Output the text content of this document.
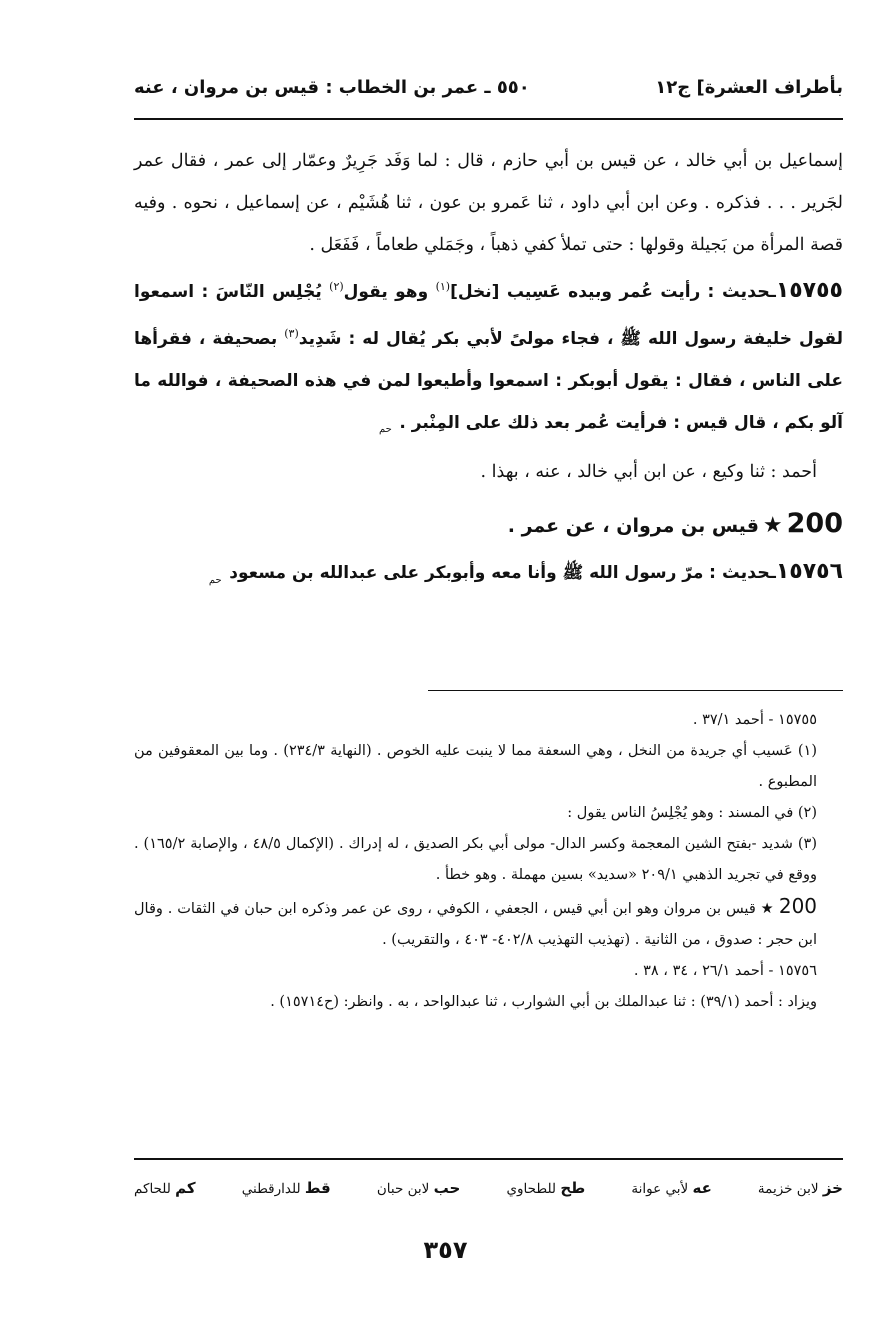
بأطراف العشرة] ج١٢
٥٥٠ ـ عمر بن الخطاب : قيس بن مروان ، عنه

إسماعيل بن أبي خالد ، عن قيس بن أبي حازم ، قال : لما وَفَد جَرِيرٌ وعمّار إلى عمر ، فقال عمر لجَرير . . . فذكره . وعن ابن أبي داود ، ثنا عَمرو بن عون ، ثنا هُشَيْم ، عن إسماعيل ، نحوه . وفيه قصة المرأة من بَجيلة وقولها : حتى تملأ كفي ذهباً ، وجَمَلي طعاماً ، فَفَعَل .

١٥٧٥٥ـحديث : رأيت عُمر وبيده عَسِيب [نخل]$^{(١)}$ وهو يقول$^{(٢)}$ يُجْلِس النّاسَ : اسمعوا لقول خليفة رسول الله ﷺ ، فجاء مولىً لأبي بكر يُقال له : شَدِيد$^{(٣)}$ بصحيفة ، فقرأها على الناس ، فقال : يقول أبوبكر : اسمعوا وأطيعوا لمن في هذه الصحيفة ، فوالله ما آلو بكم ، قال قيس : فرأيت عُمر بعد ذلك على المِنْبر . $_{حم}$

أحمد : ثنا وكيع ، عن ابن أبي خالد ، عنه ، بهذا .

200★قيس بن مروان ، عن عمر .

١٥٧٥٦ـحديث : مرّ رسول الله ﷺ وأنا معه وأبوبكر على عبدالله بن مسعود $_{حم}$

١٥٧٥٥ - أحمد ٣٧/١ .

(١) عَسيب أي جريدة من النخل ، وهي السعفة مما لا ينبت عليه الخوص . (النهاية ٢٣٤/٣) . وما بين المعقوفين من المطبوع .

(٢) في المسند : وهو يُجْلِسُ الناس يقول :

(٣) شديد -بفتح الشين المعجمة وكسر الدال- مولى أبي بكر الصديق ، له إدراك . (الإكمال ٤٨/٥ ، والإصابة ١٦٥/٢) . ووقع في تجريد الذهبي ٢٠٩/١ «سديد» بسين مهملة . وهو خطأ .

200 ★ قيس بن مروان وهو ابن أبي قيس ، الجعفي ، الكوفي ، روى عن عمر وذكره ابن حبان في الثقات . وقال ابن حجر : صدوق ، من الثانية . (تهذيب التهذيب ٤٠٢/٨- ٤٠٣ ، والتقريب) .

١٥٧٥٦ - أحمد ٢٦/١ ، ٣٤ ، ٣٨ .

ويزاد : أحمد (٣٩/١) : ثنا عبدالملك بن أبي الشوارب ، ثنا عبدالواحد ، به . وانظر: (ح١٥٧١٤) .

خز لابن خزيمة
عه لأبي عوانة
طح للطحاوي
حب لابن حبان
قط للدارقطني
كم للحاكم
٣٥٧
